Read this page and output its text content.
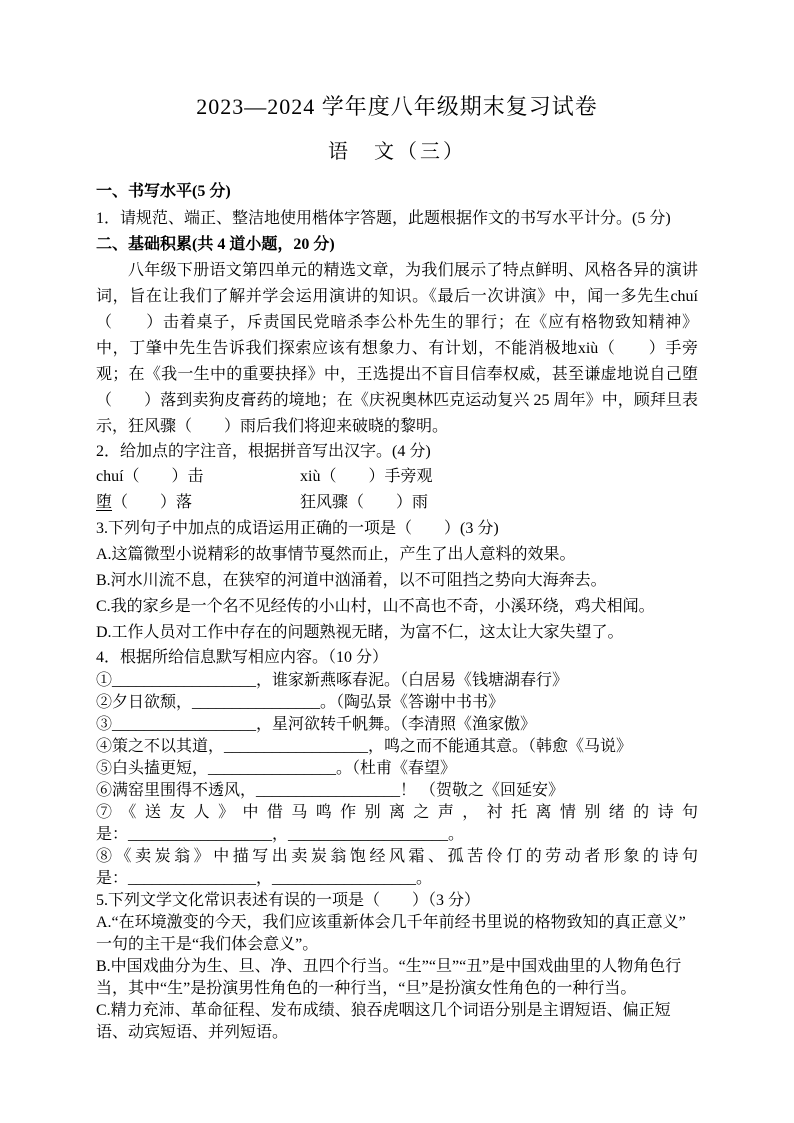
2023—2024 学年度八年级期末复习试卷
语　文（三）
一、书写水平(5 分)
1．请规范、端正、整洁地使用楷体字答题，此题根据作文的书写水平计分。(5 分)
二、基础积累(共 4 道小题，20 分)

八年级下册语文第四单元的精选文章，为我们展示了特点鲜明、风格各异的演讲词，旨在让我们了解并学会运用演讲的知识。《最后一次讲演》中，闻一多先生chuí（　　）击着桌子，斥责国民党暗杀李公朴先生的罪行；在《应有格物致知精神》中，丁肇中先生告诉我们探索应该有想象力、有计划，不能消极地xiù（　　）手旁观；在《我一生中的重要抉择》中，王选提出不盲目信奉权威，甚至谦虚地说自己堕（　　）落到卖狗皮膏药的境地；在《庆祝奥林匹克运动复兴 25 周年》中，顾拜旦表示，狂风骤（　　）雨后我们将迎来破晓的黎明。

2．给加点的字注音，根据拼音写出汉字。(4 分)
chuí（　　）击	xiù（　　）手旁观
堕（　　）落	狂风骤（　　）雨
3.下列句子中加点的成语运用正确的一项是（　　）(3 分)
A.这篇微型小说精彩的故事情节戛然而止，产生了出人意料的效果。
B.河水川流不息，在狭窄的河道中汹涌着，以不可阻挡之势向大海奔去。
C.我的家乡是一个名不见经传的小山村，山不高也不奇，小溪环绕，鸡犬相闻。
D.工作人员对工作中存在的问题熟视无睹，为富不仁，这太让大家失望了。
4．根据所给信息默写相应内容。（10 分）
①__________________，谁家新燕啄春泥。（白居易《钱塘湖春行》
②夕日欲颓，________________。（陶弘景《答谢中书书》
③__________________，星河欲转千帆舞。（李清照《渔家傲》
④策之不以其道，__________________，鸣之而不能通其意。（韩愈《马说》
⑤白头搕更短，________________。（杜甫《春望》
⑥满窑里围得不透风，__________________！ （贺敬之《回延安》
⑦《送友人》中借马鸣作别离之声，衬托离情别绪的诗句
是：__________________，____________________。
⑧《卖炭翁》中描写出卖炭翁饱经风霜、孤苦伶仃的劳动者形象的诗句
是：________________，__________________。
5.下列文学文化常识表述有误的一项是（　　）（3 分）
A.“在环境激变的今天，我们应该重新体会几千年前经书里说的格物致知的真正意义”一句的主干是“我们体会意义”。
B.中国戏曲分为生、旦、净、丑四个行当。“生”“旦”“丑”是中国戏曲里的人物角色行当，其中“生”是扮演男性角色的一种行当，“旦”是扮演女性角色的一种行当。
C.精力充沛、革命征程、发布成绩、狼吞虎咽这几个词语分别是主谓短语、偏正短语、动宾短语、并列短语。
